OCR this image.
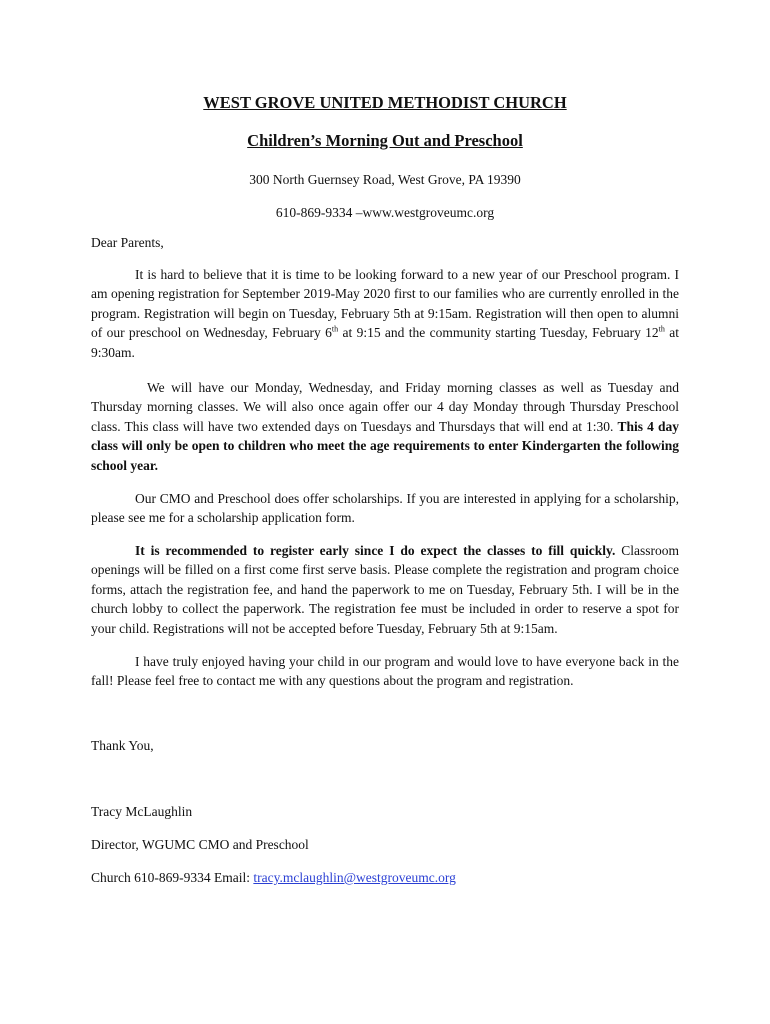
WEST GROVE UNITED METHODIST CHURCH
Children’s Morning Out and Preschool
300 North Guernsey Road, West Grove, PA 19390
610-869-9334 –www.westgroveumc.org
Dear Parents,

It is hard to believe that it is time to be looking forward to a new year of our Preschool program. I am opening registration for September 2019-May 2020 first to our families who are currently enrolled in the program. Registration will begin on Tuesday, February 5th at 9:15am. Registration will then open to alumni of our preschool on Wednesday, February 6th at 9:15 and the community starting Tuesday, February 12th at 9:30am.

We will have our Monday, Wednesday, and Friday morning classes as well as Tuesday and Thursday morning classes. We will also once again offer our 4 day Monday through Thursday Preschool class. This class will have two extended days on Tuesdays and Thursdays that will end at 1:30. This 4 day class will only be open to children who meet the age requirements to enter Kindergarten the following school year.

Our CMO and Preschool does offer scholarships. If you are interested in applying for a scholarship, please see me for a scholarship application form.

It is recommended to register early since I do expect the classes to fill quickly. Classroom openings will be filled on a first come first serve basis. Please complete the registration and program choice forms, attach the registration fee, and hand the paperwork to me on Tuesday, February 5th. I will be in the church lobby to collect the paperwork. The registration fee must be included in order to reserve a spot for your child. Registrations will not be accepted before Tuesday, February 5th at 9:15am.

I have truly enjoyed having your child in our program and would love to have everyone back in the fall! Please feel free to contact me with any questions about the program and registration.

Thank You,
Tracy McLaughlin
Director, WGUMC CMO and Preschool
Church 610-869-9334 Email: tracy.mclaughlin@westgroveumc.org
